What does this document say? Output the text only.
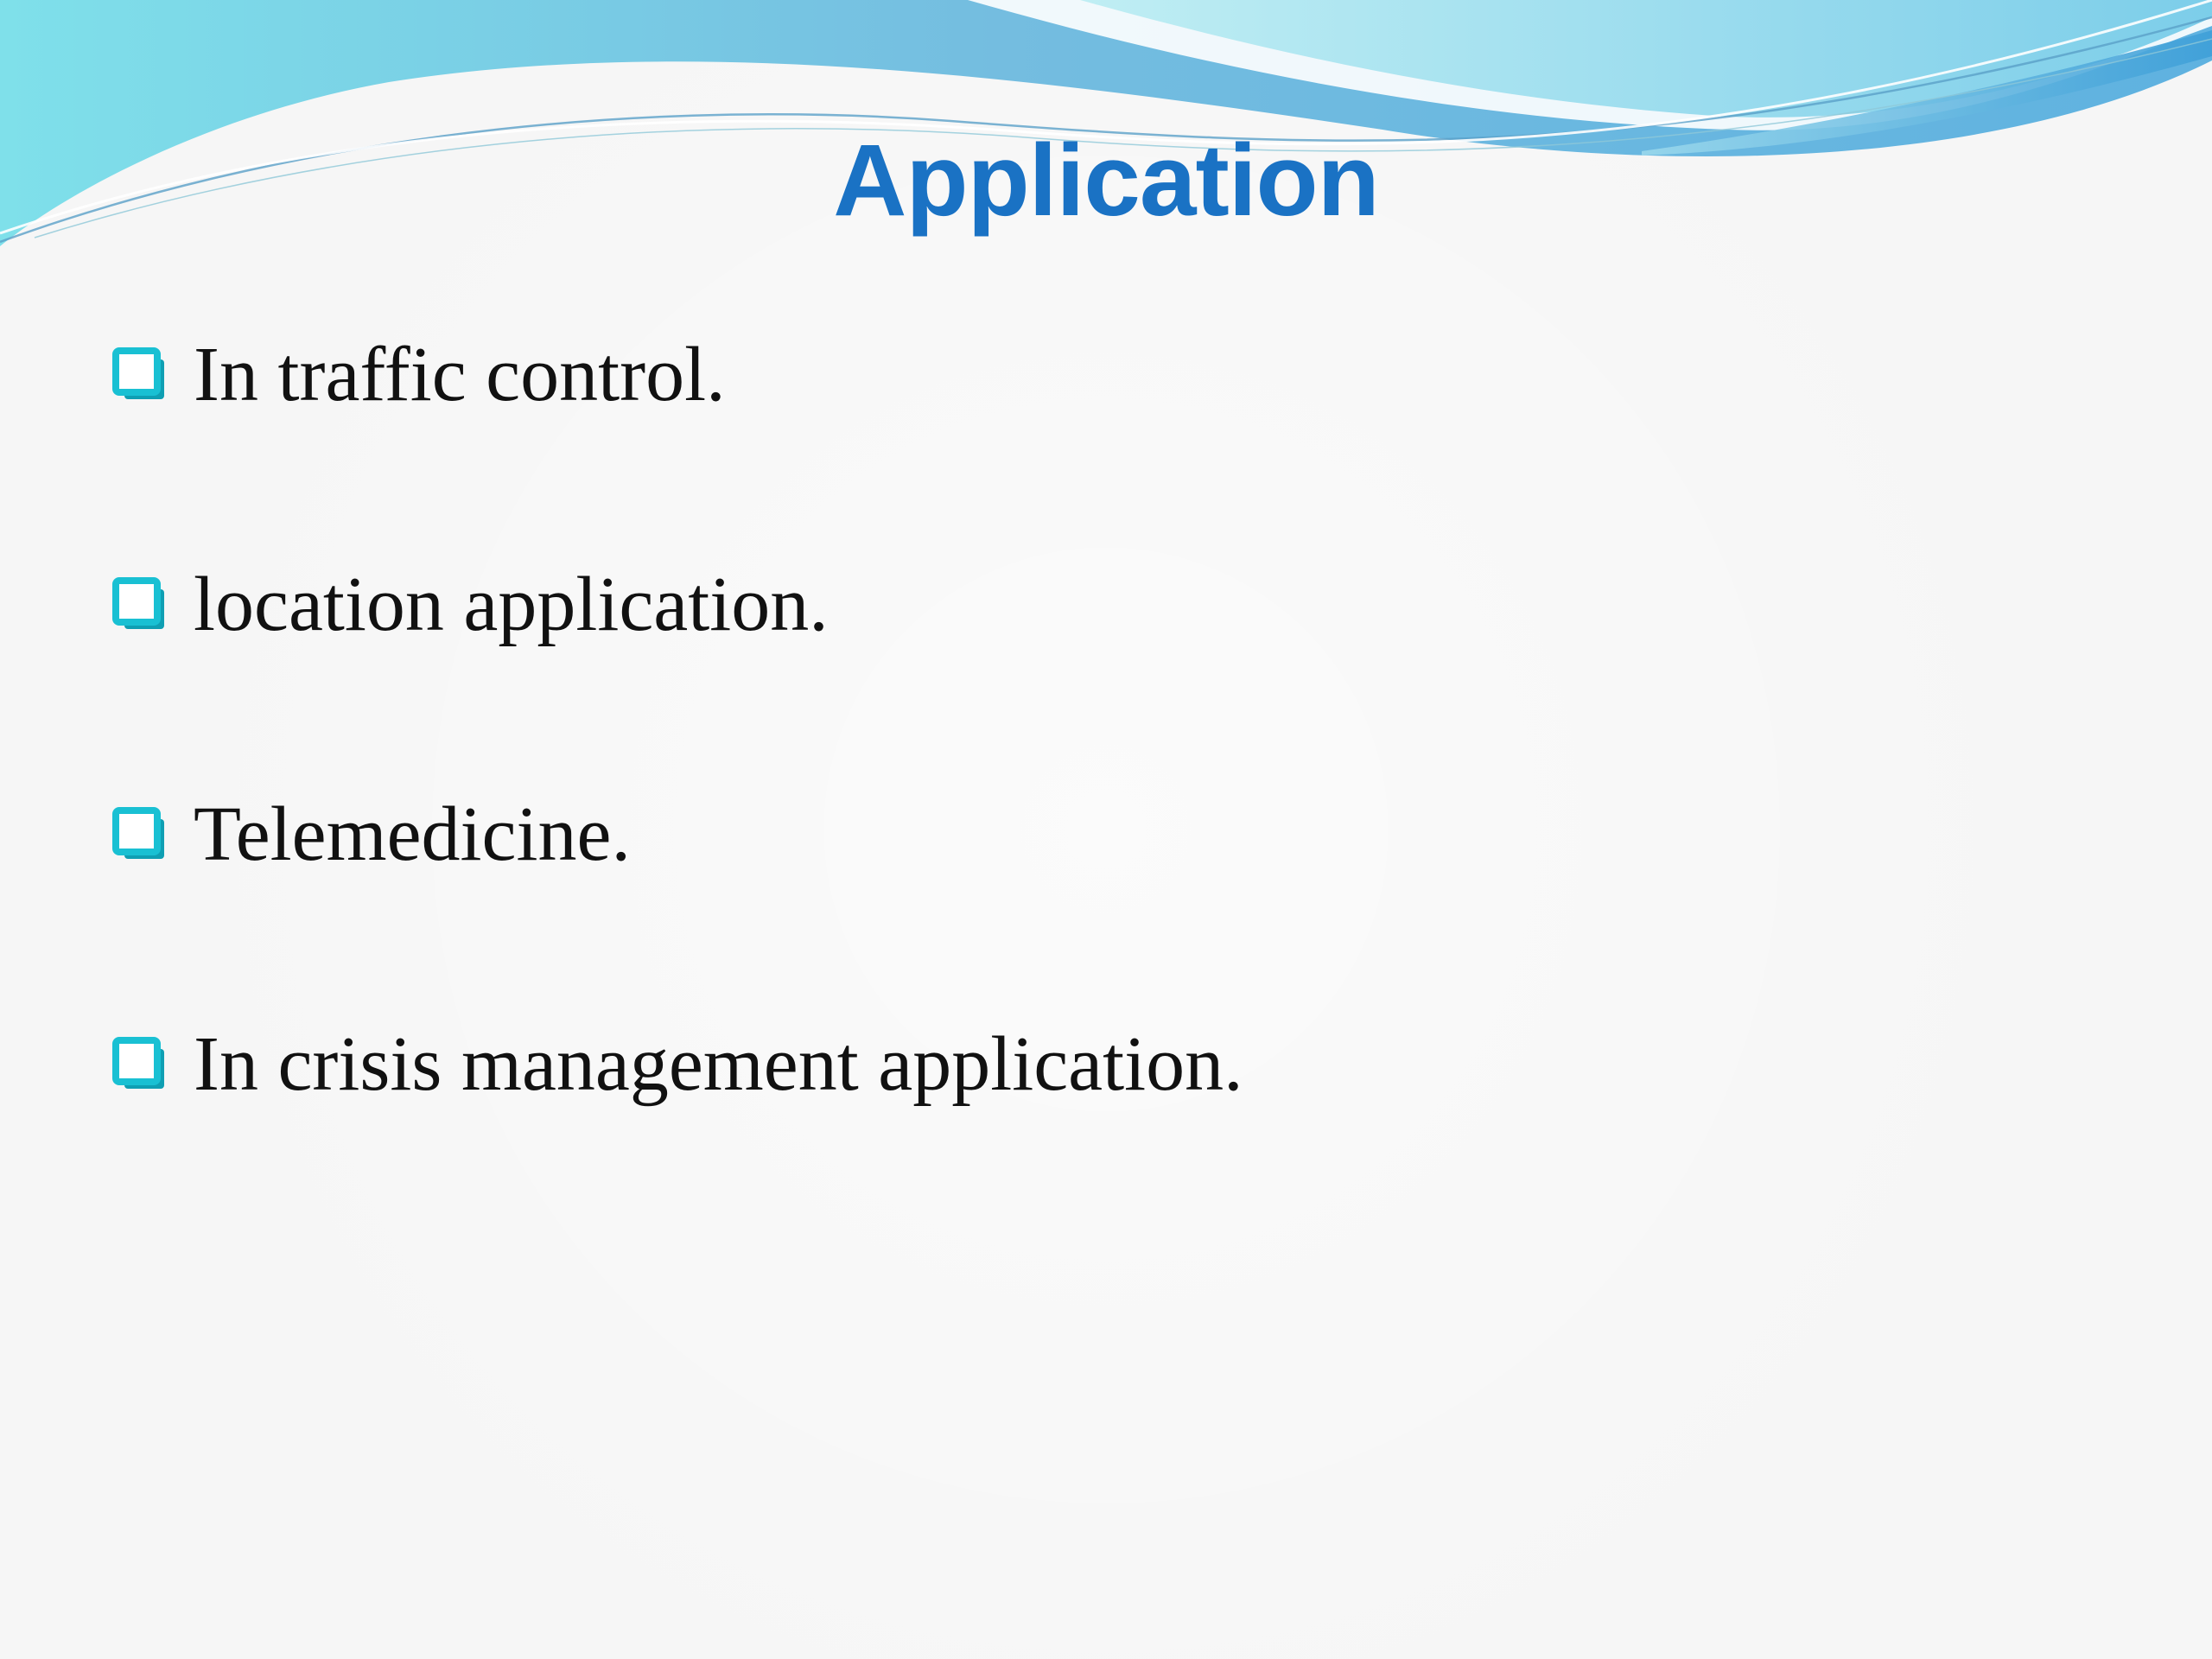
Application
In traffic control.
location application.
Telemedicine.
In crisis management application.
